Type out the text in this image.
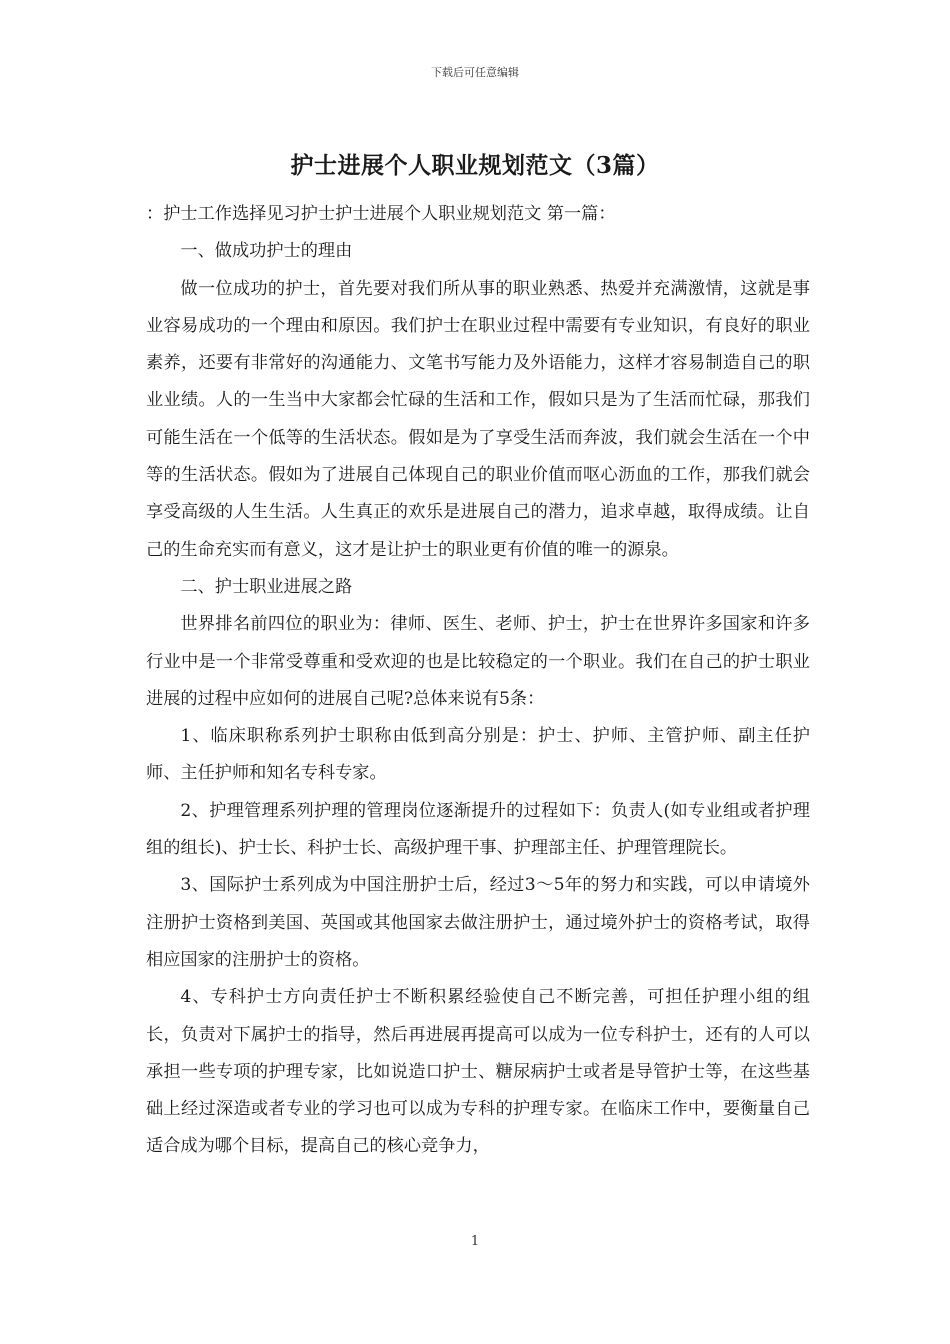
下载后可任意编辑
护士进展个人职业规划范文（3篇）

：护士工作选择见习护士护士进展个人职业规划范文 第一篇：

一、做成功护士的理由

做一位成功的护士，首先要对我们所从事的职业熟悉、热爱并充满激情，这就是事业容易成功的一个理由和原因。我们护士在职业过程中需要有专业知识，有良好的职业素养，还要有非常好的沟通能力、文笔书写能力及外语能力，这样才容易制造自己的职业业绩。人的一生当中大家都会忙碌的生活和工作，假如只是为了生活而忙碌，那我们可能生活在一个低等的生活状态。假如是为了享受生活而奔波，我们就会生活在一个中等的生活状态。假如为了进展自己体现自己的职业价值而呕心沥血的工作，那我们就会享受高级的人生生活。人生真正的欢乐是进展自己的潜力，追求卓越，取得成绩。让自己的生命充实而有意义，这才是让护士的职业更有价值的唯一的源泉。

二、护士职业进展之路

世界排名前四位的职业为：律师、医生、老师、护士，护士在世界许多国家和许多行业中是一个非常受尊重和受欢迎的也是比较稳定的一个职业。我们在自己的护士职业进展的过程中应如何的进展自己呢?总体来说有5条：

1、临床职称系列护士职称由低到高分别是：护士、护师、主管护师、副主任护师、主任护师和知名专科专家。

2、护理管理系列护理的管理岗位逐渐提升的过程如下：负责人(如专业组或者护理组的组长)、护士长、科护士长、高级护理干事、护理部主任、护理管理院长。

3、国际护士系列成为中国注册护士后，经过3～5年的努力和实践，可以申请境外注册护士资格到美国、英国或其他国家去做注册护士，通过境外护士的资格考试，取得相应国家的注册护士的资格。

4、专科护士方向责任护士不断积累经验使自己不断完善，可担任护理小组的组长，负责对下属护士的指导，然后再进展再提高可以成为一位专科护士，还有的人可以承担一些专项的护理专家，比如说造口护士、糖尿病护士或者是导管护士等，在这些基础上经过深造或者专业的学习也可以成为专科的护理专家。在临床工作中，要衡量自己适合成为哪个目标，提高自己的核心竞争力，

1
